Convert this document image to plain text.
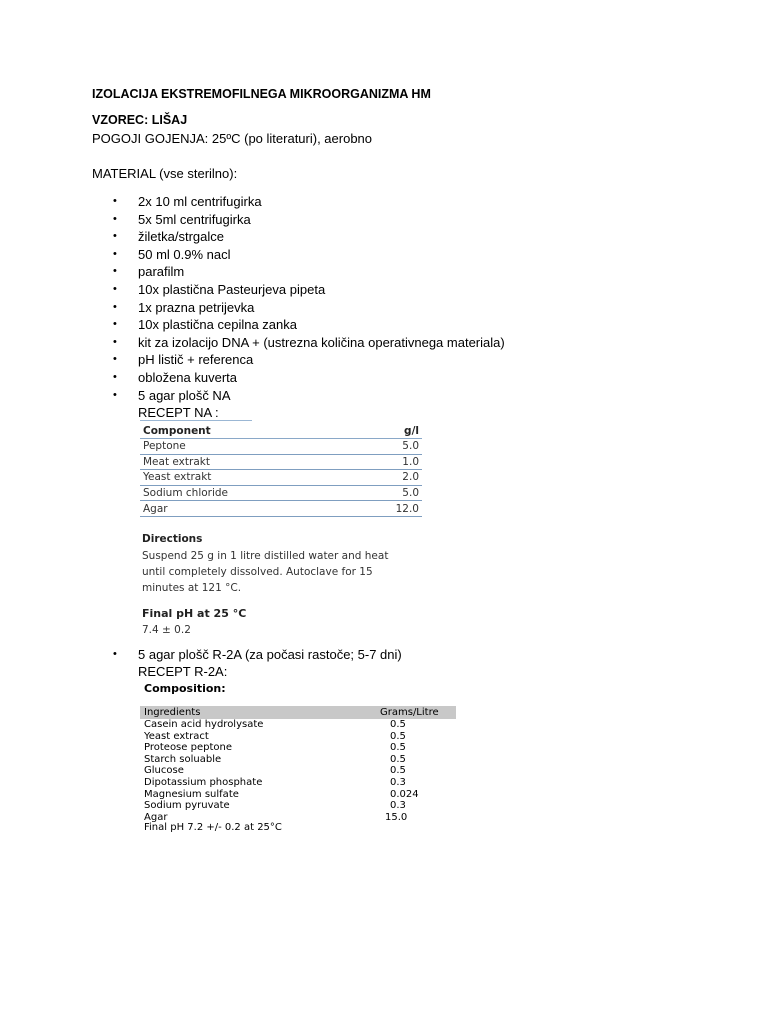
IZOLACIJA EKSTREMOFILNEGA MIKROORGANIZMA HM
VZOREC: LIŠAJ
POGOJI GOJENJA: 25ºC (po literaturi), aerobno
MATERIAL (vse sterilno):
• 2x 10 ml centrifugirka
• 5x 5ml centrifugirka
• žiletka/strgalce
• 50 ml 0.9% nacl
• parafilm
• 10x plastična Pasteurjeva pipeta
• 1x prazna petrijevka
• 10x plastična cepilna zanka
• kit za izolacijo DNA + (ustrezna količina operativnega materiala)
• pH listič + referenca
• obložena kuverta
• 5 agar plošč NA
RECEPT NA :
Component	g/l
Peptone	5.0
Meat extrakt	1.0
Yeast extrakt	2.0
Sodium chloride	5.0
Agar	12.0
Directions
Suspend 25 g in 1 litre distilled water and heat until completely dissolved. Autoclave for 15 minutes at 121 °C.
Final pH at 25 °C
7.4 ± 0.2
• 5 agar plošč R-2A (za počasi rastoče; 5-7 dni)
RECEPT R-2A:
Composition:
Ingredients	Grams/Litre
Casein acid hydrolysate	0.5
Yeast extract	0.5
Proteose peptone	0.5
Starch soluable	0.5
Glucose	0.5
Dipotassium phosphate	0.3
Magnesium sulfate	0.024
Sodium pyruvate	0.3
Agar	15.0
Final pH 7.2 +/- 0.2 at 25°C
